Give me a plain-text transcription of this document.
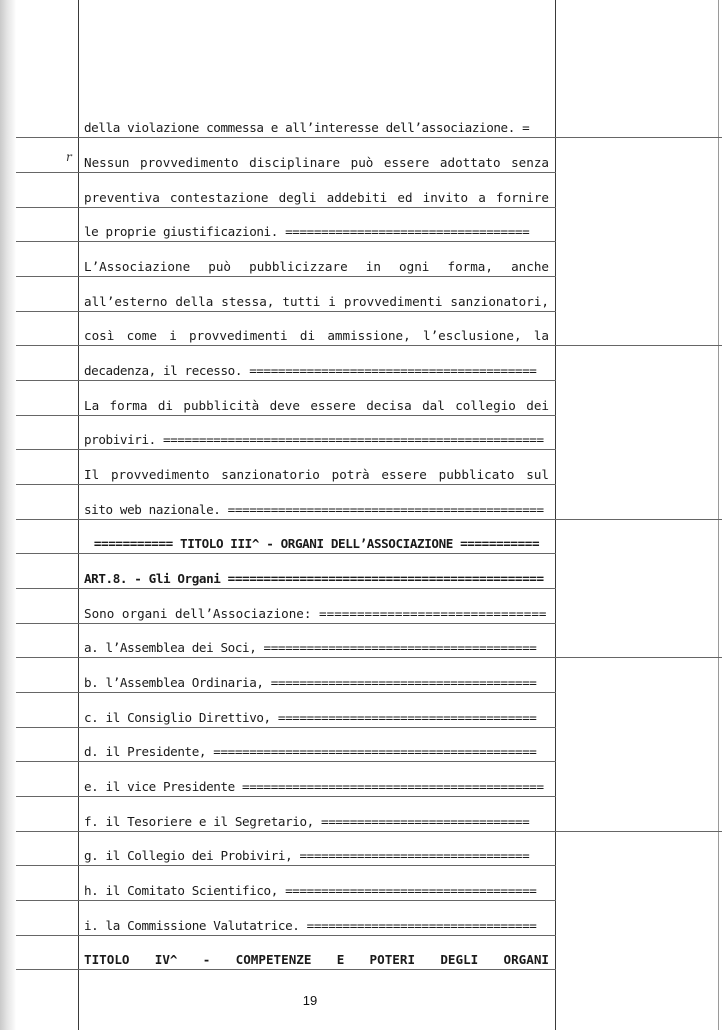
r
della violazione commessa e all’interesse dell’associazione. =
Nessun provvedimento disciplinare può essere adottato senza
preventiva contestazione degli addebiti ed invito a fornire
le proprie giustificazioni. ==================================
L’Associazione può pubblicizzare in ogni forma, anche
all’esterno della stessa, tutti i provvedimenti sanzionatori,
così come i provvedimenti di ammissione, l’esclusione, la
decadenza, il recesso. ========================================
La forma di pubblicità deve essere decisa dal collegio dei
probiviri. =====================================================
Il provvedimento sanzionatorio potrà essere pubblicato sul
sito web nazionale. ============================================
=========== TITOLO III^ - ORGANI DELL’ASSOCIAZIONE ===========
ART.8. - Gli Organi ============================================
Sono organi dell’Associazione: ==============================
a. l’Assemblea dei Soci, ======================================
b. l’Assemblea Ordinaria, =====================================
c. il Consiglio Direttivo, ====================================
d. il Presidente, =============================================
e. il vice Presidente ==========================================
f. il Tesoriere e il Segretario, =============================
g. il Collegio dei Probiviri, ================================
h. il Comitato Scientifico, ===================================
i. la Commissione Valutatrice. ================================
TITOLO IV^ - COMPETENZE E POTERI DEGLI ORGANI
19
